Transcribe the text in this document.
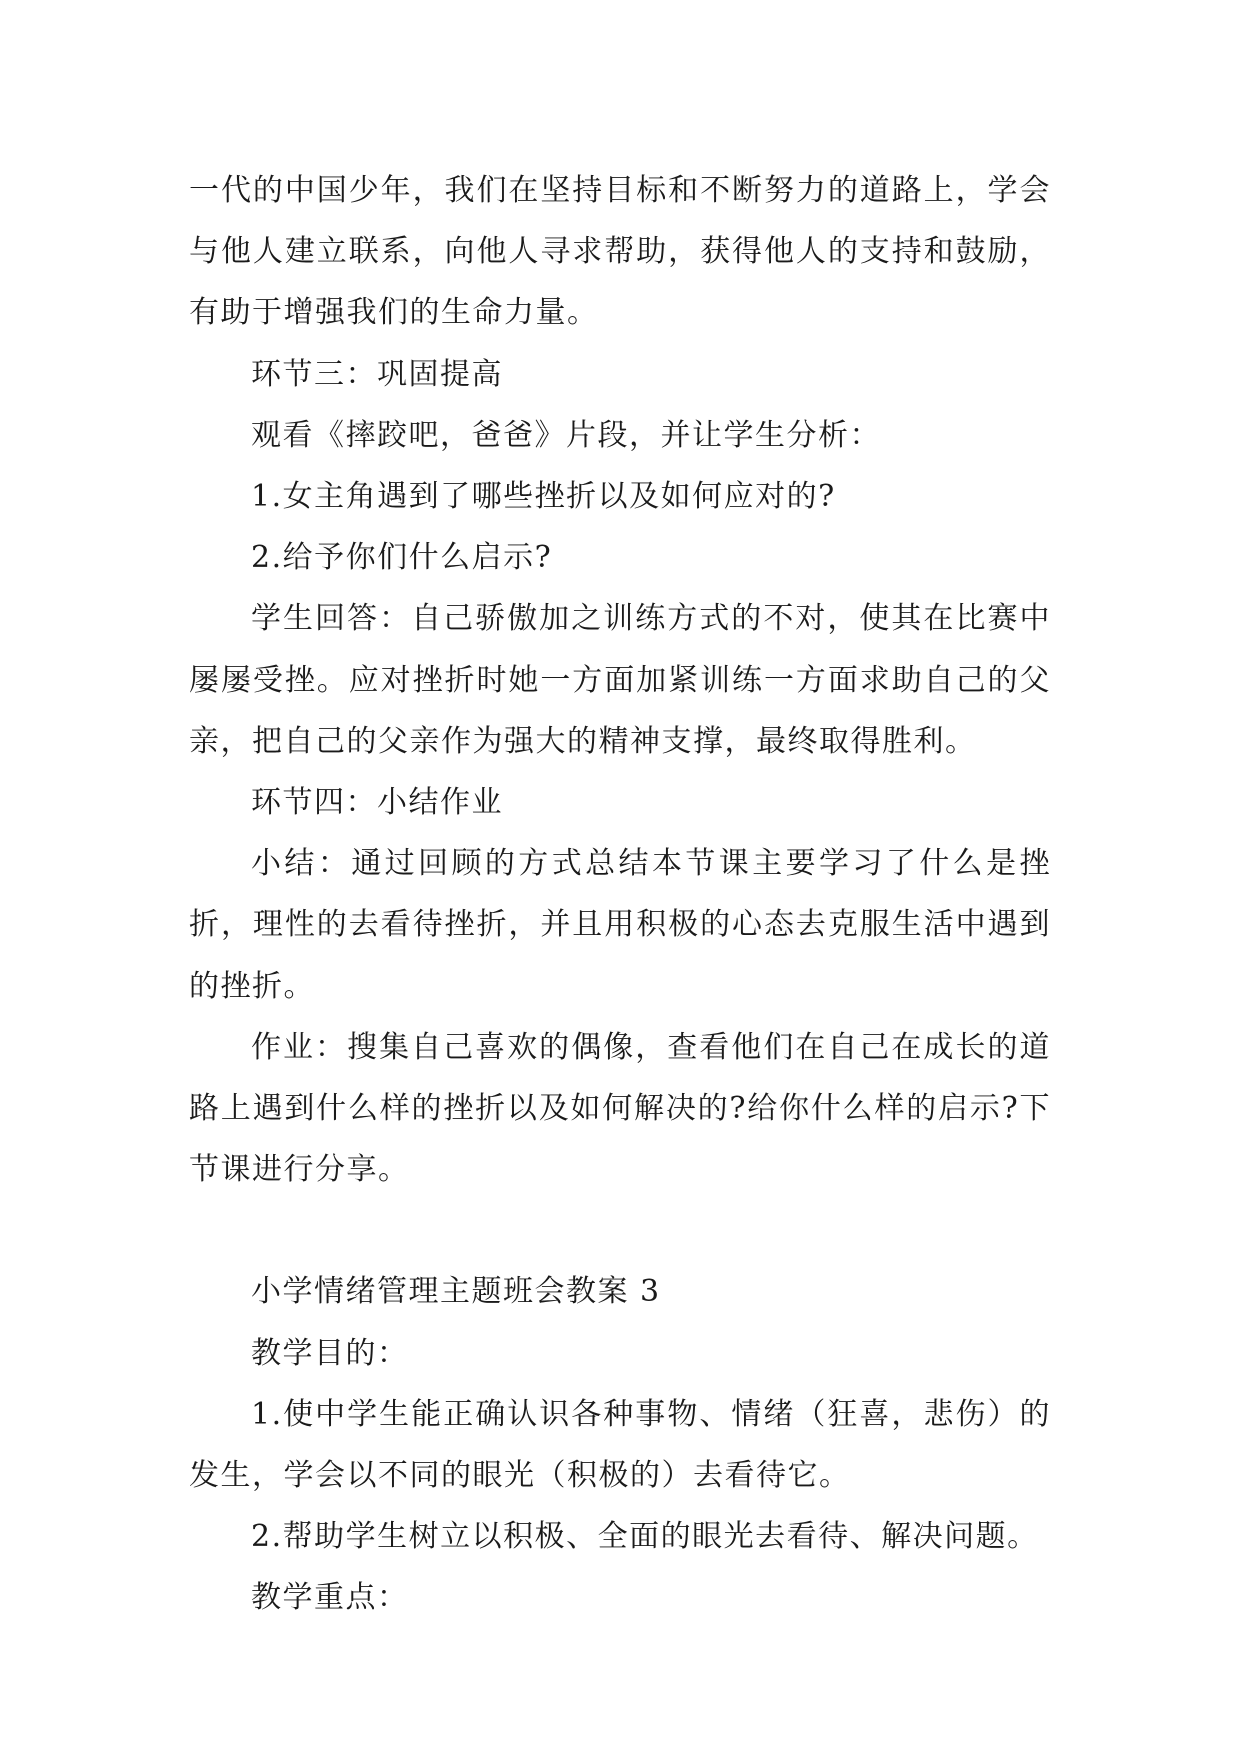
一代的中国少年，我们在坚持目标和不断努力的道路上，学会与他人建立联系，向他人寻求帮助，获得他人的支持和鼓励，有助于增强我们的生命力量。

环节三：巩固提高

观看《摔跤吧，爸爸》片段，并让学生分析：

1.女主角遇到了哪些挫折以及如何应对的?

2.给予你们什么启示?

学生回答：自己骄傲加之训练方式的不对，使其在比赛中屡屡受挫。应对挫折时她一方面加紧训练一方面求助自己的父亲，把自己的父亲作为强大的精神支撑，最终取得胜利。

环节四：小结作业

小结：通过回顾的方式总结本节课主要学习了什么是挫折，理性的去看待挫折，并且用积极的心态去克服生活中遇到的挫折。

作业：搜集自己喜欢的偶像，查看他们在自己在成长的道路上遇到什么样的挫折以及如何解决的?给你什么样的启示?下节课进行分享。

小学情绪管理主题班会教案 3

教学目的：

1.使中学生能正确认识各种事物、情绪（狂喜，悲伤）的发生，学会以不同的眼光（积极的）去看待它。

2.帮助学生树立以积极、全面的眼光去看待、解决问题。

教学重点：
